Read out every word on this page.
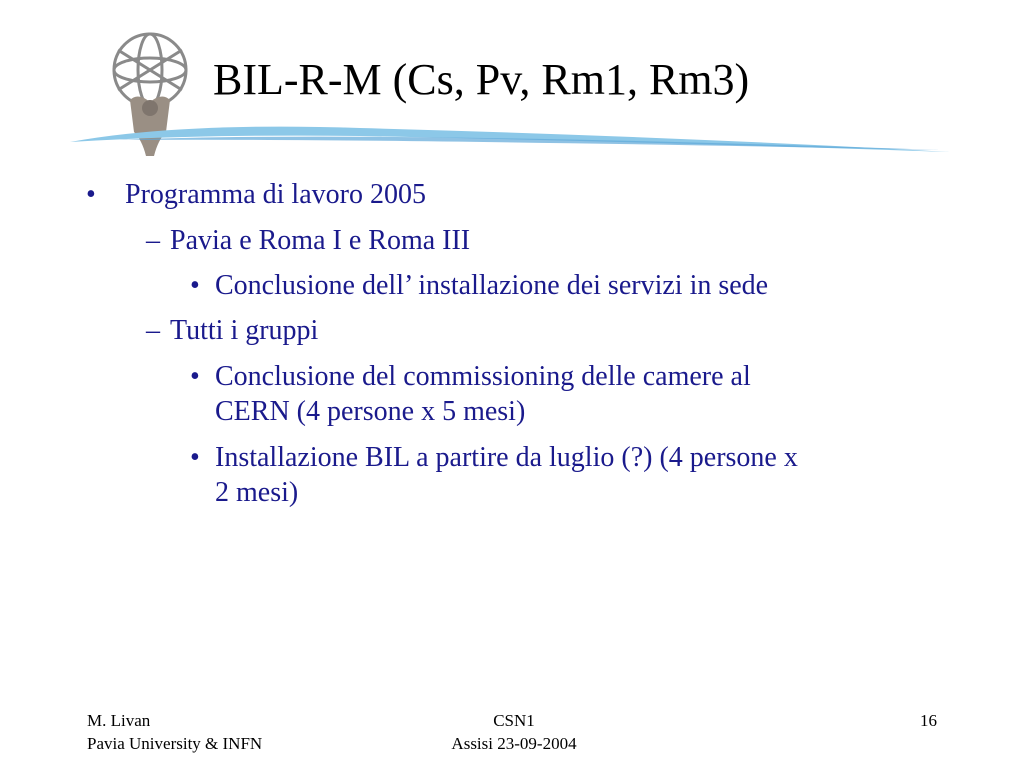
BIL-R-M (Cs, Pv, Rm1, Rm3)
• Programma di lavoro 2005
– Pavia e Roma I e Roma III
• Conclusione dell’ installazione dei servizi in sede
– Tutti i gruppi
• Conclusione del commissioning delle camere al
CERN (4 persone x 5 mesi)
• Installazione BIL a partire da luglio (?) (4 persone x
2 mesi)
M. Livan
Pavia University & INFN
CSN1
Assisi 23-09-2004
16
